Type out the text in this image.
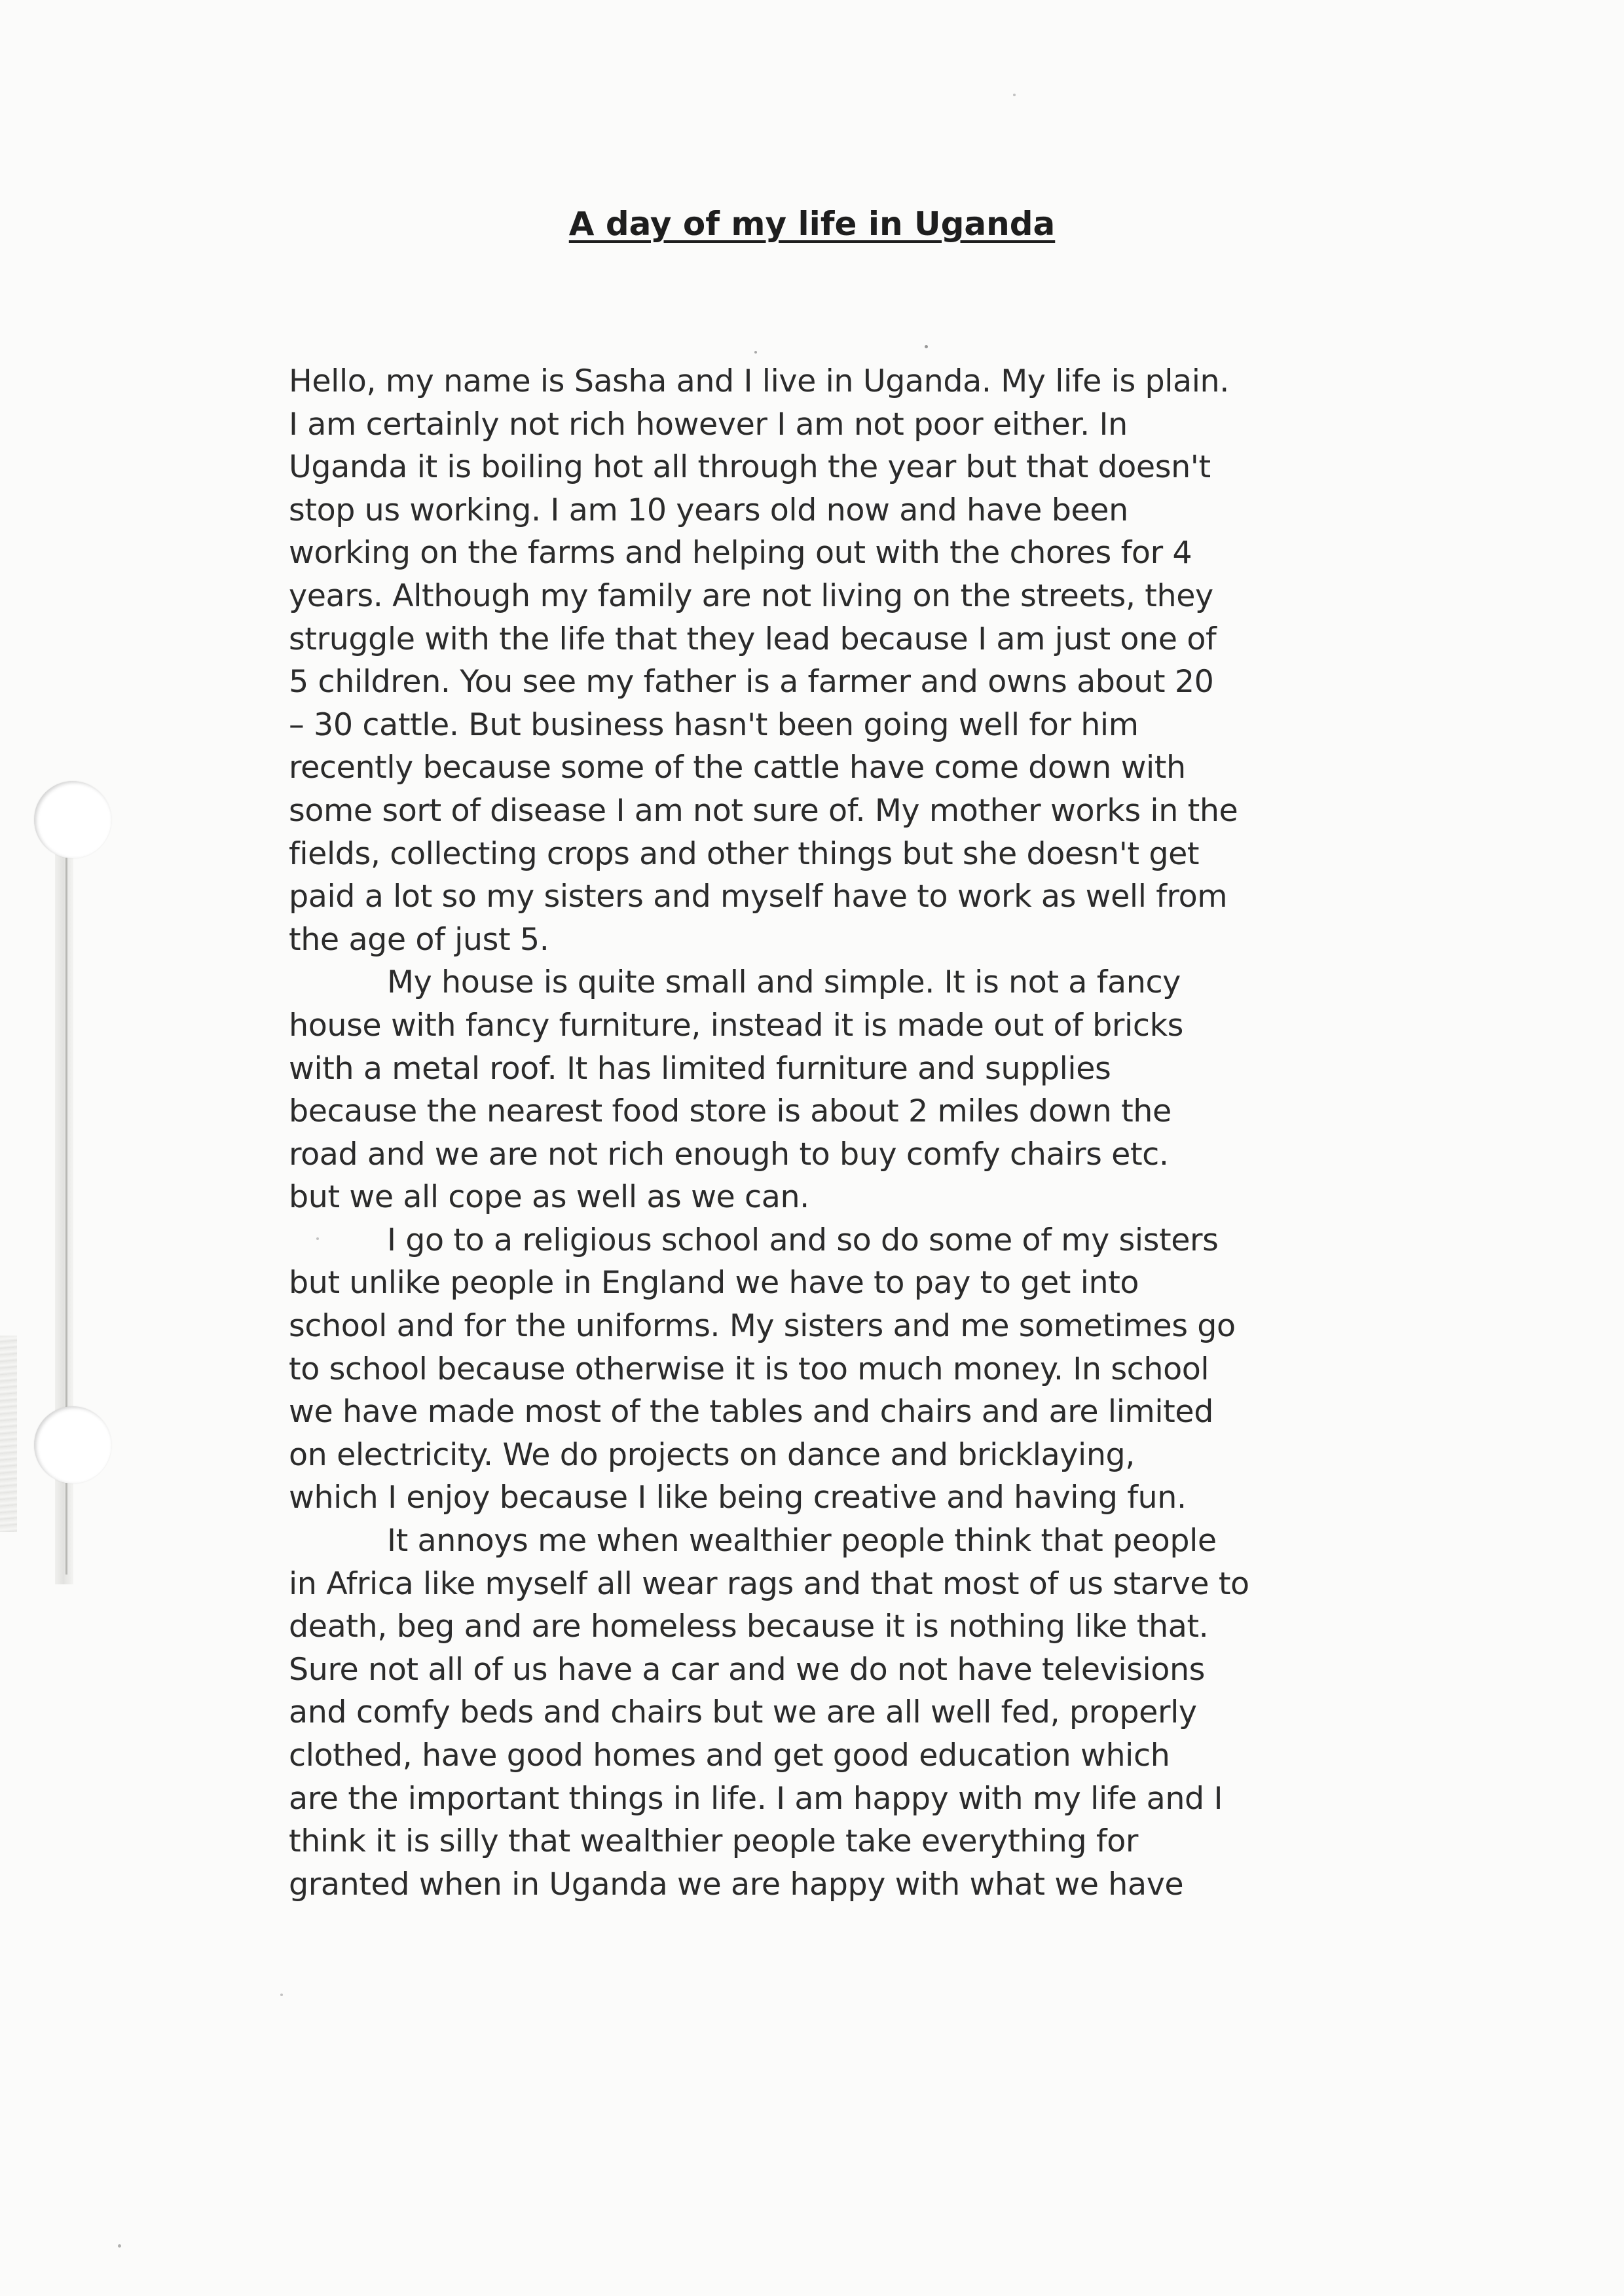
A day of my life in Uganda
Hello, my name is Sasha and I live in Uganda. My life is plain.
I am certainly not rich however I am not poor either. In
Uganda it is boiling hot all through the year but that doesn't
stop us working. I am 10 years old now and have been
working on the farms and helping out with the chores for 4
years. Although my family are not living on the streets, they
struggle with the life that they lead because I am just one of
5 children. You see my father is a farmer and owns about 20
– 30 cattle. But business hasn't been going well for him
recently because some of the cattle have come down with
some sort of disease I am not sure of. My mother works in the
fields, collecting crops and other things but she doesn't get
paid a lot so my sisters and myself have to work as well from
the age of just 5.
My house is quite small and simple. It is not a fancy
house with fancy furniture, instead it is made out of bricks
with a metal roof. It has limited furniture and supplies
because the nearest food store is about 2 miles down the
road and we are not rich enough to buy comfy chairs etc.
but we all cope as well as we can.
I go to a religious school and so do some of my sisters
but unlike people in England we have to pay to get into
school and for the uniforms. My sisters and me sometimes go
to school because otherwise it is too much money. In school
we have made most of the tables and chairs and are limited
on electricity. We do projects on dance and bricklaying,
which I enjoy because I like being creative and having fun.
It annoys me when wealthier people think that people
in Africa like myself all wear rags and that most of us starve to
death, beg and are homeless because it is nothing like that.
Sure not all of us have a car and we do not have televisions
and comfy beds and chairs but we are all well fed, properly
clothed, have good homes and get good education which
are the important things in life. I am happy with my life and I
think it is silly that wealthier people take everything for
granted when in Uganda we are happy with what we have
